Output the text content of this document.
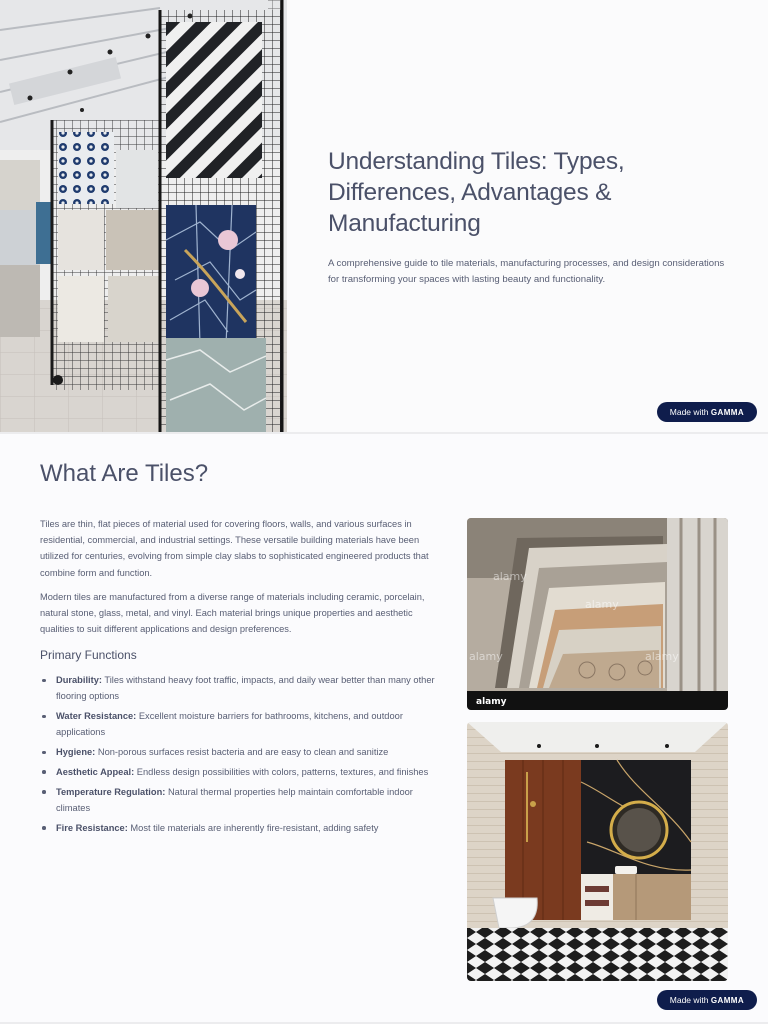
Understanding Tiles: Types, Differences, Advantages & Manufacturing

A comprehensive guide to tile materials, manufacturing processes, and design considerations for transforming your spaces with lasting beauty and functionality.

Made with GAMMA
What Are Tiles?

Tiles are thin, flat pieces of material used for covering floors, walls, and various surfaces in residential, commercial, and industrial settings. These versatile building materials have been utilized for centuries, evolving from simple clay slabs to sophisticated engineered products that combine form and function.

Modern tiles are manufactured from a diverse range of materials including ceramic, porcelain, natural stone, glass, metal, and vinyl. Each material brings unique properties and aesthetic qualities to suit different applications and design preferences.

Primary Functions
Durability: Tiles withstand heavy foot traffic, impacts, and daily wear better than many other flooring options
Water Resistance: Excellent moisture barriers for bathrooms, kitchens, and outdoor applications
Hygiene: Non-porous surfaces resist bacteria and are easy to clean and sanitize
Aesthetic Appeal: Endless design possibilities with colors, patterns, textures, and finishes
Temperature Regulation: Natural thermal properties help maintain comfortable indoor climates
Fire Resistance: Most tile materials are inherently fire-resistant, adding safety
alamy
alamy
alamy
alamy	alamy
Made with GAMMA
